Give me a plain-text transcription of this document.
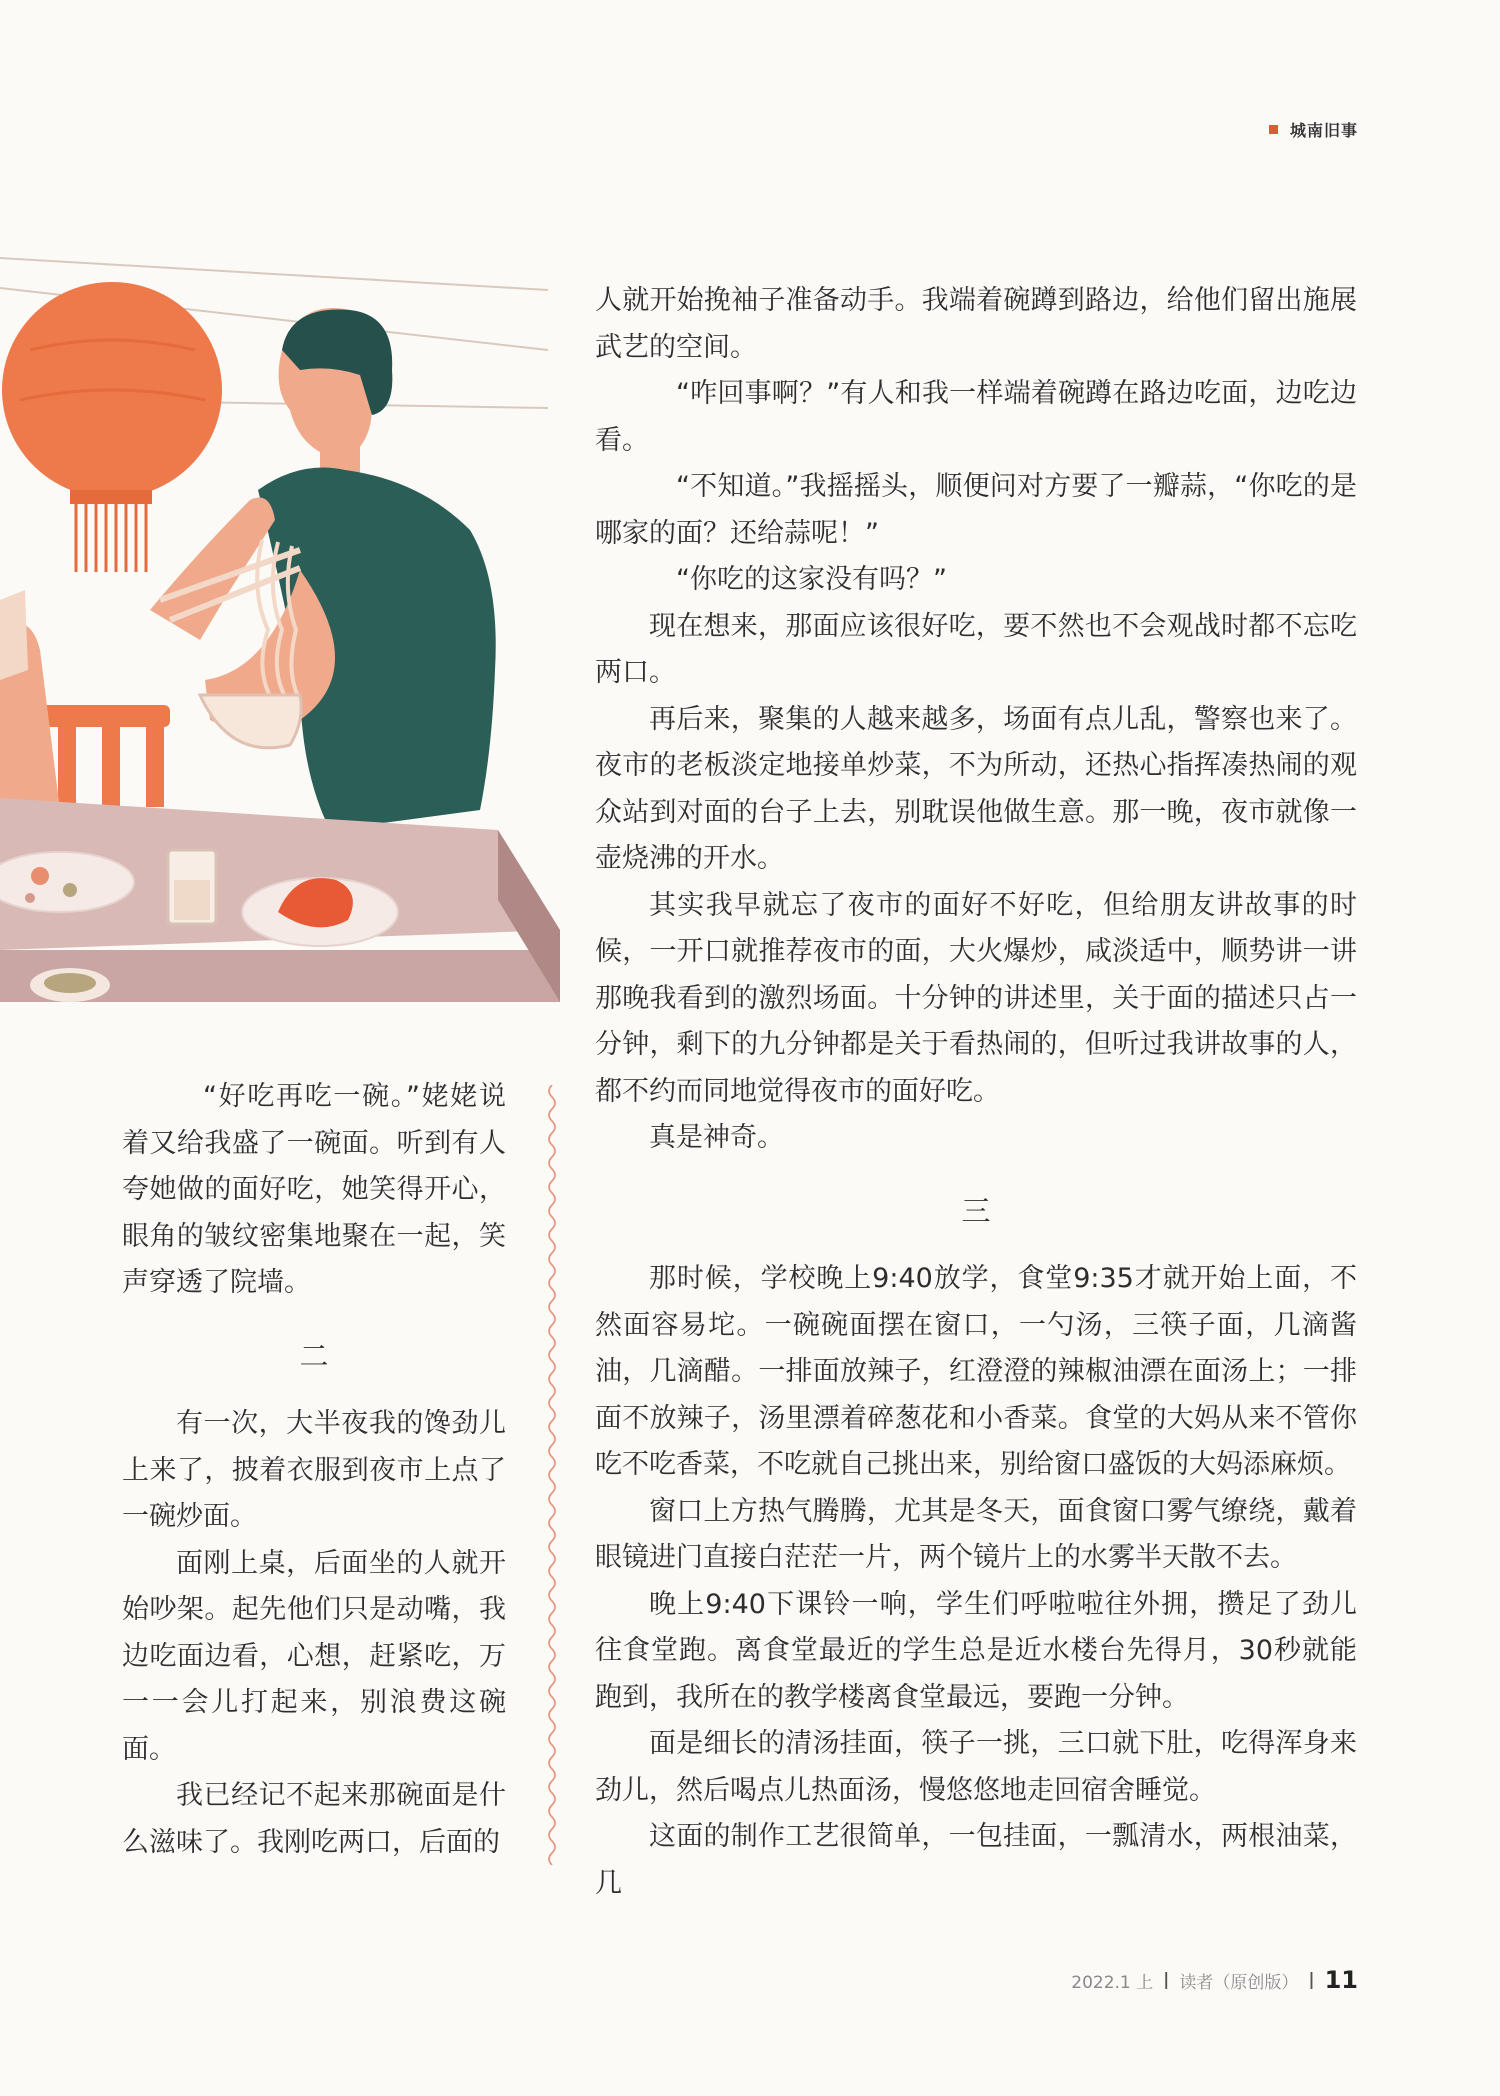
城南旧事

“好吃再吃一碗。”姥姥说着又给我盛了一碗面。听到有人夸她做的面好吃，她笑得开心，眼角的皱纹密集地聚在一起，笑声穿透了院墙。

二

有一次，大半夜我的馋劲儿上来了，披着衣服到夜市上点了一碗炒面。

面刚上桌，后面坐的人就开始吵架。起先他们只是动嘴，我边吃面边看，心想，赶紧吃，万一一会儿打起来，别浪费这碗面。

我已经记不起来那碗面是什么滋味了。我刚吃两口，后面的

人就开始挽袖子准备动手。我端着碗蹲到路边，给他们留出施展武艺的空间。

“咋回事啊？”有人和我一样端着碗蹲在路边吃面，边吃边看。

“不知道。”我摇摇头，顺便问对方要了一瓣蒜，“你吃的是哪家的面？还给蒜呢！”

“你吃的这家没有吗？”

现在想来，那面应该很好吃，要不然也不会观战时都不忘吃两口。

再后来，聚集的人越来越多，场面有点儿乱，警察也来了。夜市的老板淡定地接单炒菜，不为所动，还热心指挥凑热闹的观众站到对面的台子上去，别耽误他做生意。那一晚，夜市就像一壶烧沸的开水。

其实我早就忘了夜市的面好不好吃，但给朋友讲故事的时候，一开口就推荐夜市的面，大火爆炒，咸淡适中，顺势讲一讲那晚我看到的激烈场面。十分钟的讲述里，关于面的描述只占一分钟，剩下的九分钟都是关于看热闹的，但听过我讲故事的人，都不约而同地觉得夜市的面好吃。

真是神奇。

三

那时候，学校晚上9:40放学，食堂9:35才就开始上面，不然面容易坨。一碗碗面摆在窗口，一勺汤，三筷子面，几滴酱油，几滴醋。一排面放辣子，红澄澄的辣椒油漂在面汤上；一排面不放辣子，汤里漂着碎葱花和小香菜。食堂的大妈从来不管你吃不吃香菜，不吃就自己挑出来，别给窗口盛饭的大妈添麻烦。

窗口上方热气腾腾，尤其是冬天，面食窗口雾气缭绕，戴着眼镜进门直接白茫茫一片，两个镜片上的水雾半天散不去。

晚上9:40下课铃一响，学生们呼啦啦往外拥，攒足了劲儿往食堂跑。离食堂最近的学生总是近水楼台先得月，30秒就能跑到，我所在的教学楼离食堂最远，要跑一分钟。

面是细长的清汤挂面，筷子一挑，三口就下肚，吃得浑身来劲儿，然后喝点儿热面汤，慢悠悠地走回宿舍睡觉。

这面的制作工艺很简单，一包挂面，一瓢清水，两根油菜，几

2022.1 上 | 读者（原创版） | 11
